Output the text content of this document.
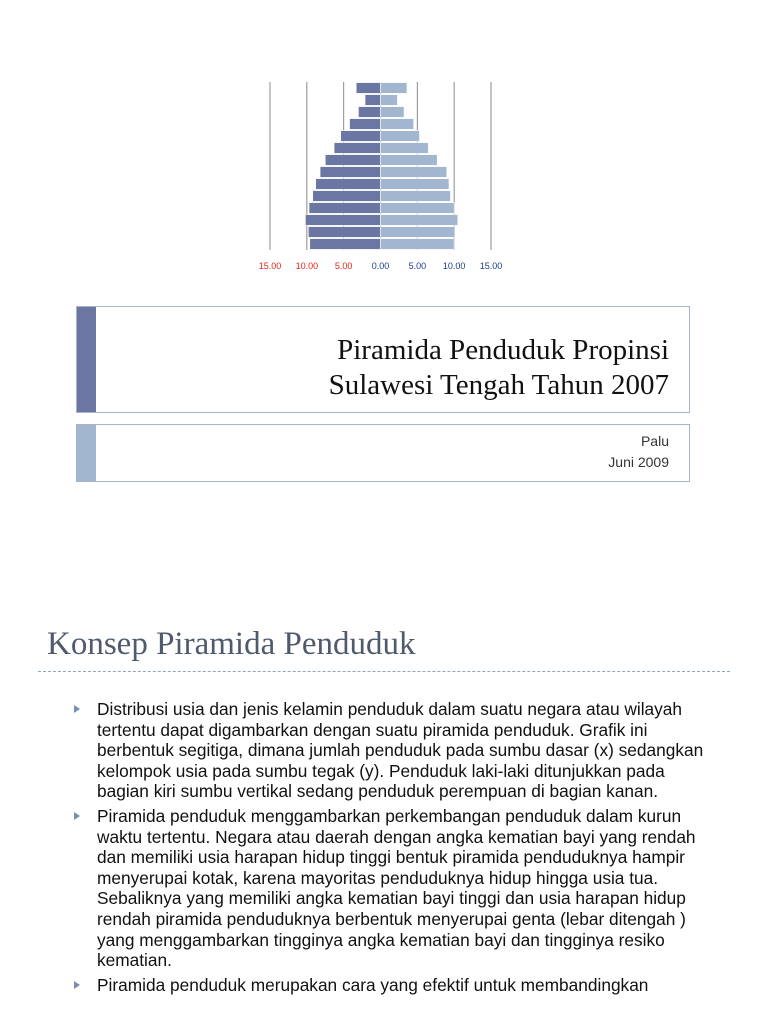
15.00 10.00 5.00 0.00 5.00 10.00 15.00
Piramida Penduduk Propinsi
Sulawesi Tengah Tahun 2007
Palu
Juni 2009
Konsep Piramida Penduduk
Distribusi usia dan jenis kelamin penduduk dalam suatu negara atau wilayah tertentu dapat digambarkan dengan suatu piramida penduduk. Grafik ini berbentuk segitiga, dimana jumlah penduduk pada sumbu dasar (x) sedangkan kelompok usia pada sumbu tegak (y). Penduduk laki-laki ditunjukkan pada bagian kiri sumbu vertikal sedang penduduk perempuan di bagian kanan.
Piramida penduduk menggambarkan perkembangan penduduk dalam kurun waktu tertentu. Negara atau daerah dengan angka kematian bayi yang rendah dan memiliki usia harapan hidup tinggi bentuk piramida penduduknya hampir menyerupai kotak, karena mayoritas penduduknya hidup hingga usia tua. Sebaliknya yang memiliki angka kematian bayi tinggi dan usia harapan hidup rendah piramida penduduknya berbentuk menyerupai genta (lebar ditengah ) yang menggambarkan tingginya angka kematian bayi dan tingginya resiko kematian.
Piramida penduduk merupakan cara yang efektif untuk membandingkan
